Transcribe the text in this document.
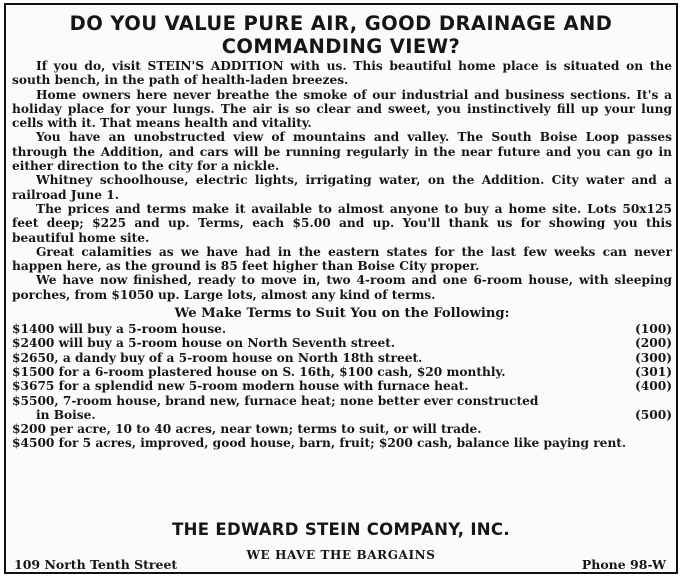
DO YOU VALUE PURE AIR, GOOD DRAINAGE AND
COMMANDING VIEW?

If you do, visit STEIN'S ADDITION with us. This beautiful home place is situated on the south bench, in the path of health-laden breezes.

Home owners here never breathe the smoke of our industrial and business sections. It's a holiday place for your lungs. The air is so clear and sweet, you instinctively fill up your lung cells with it. That means health and vitality.

You have an unobstructed view of mountains and valley. The South Boise Loop passes through the Addition, and cars will be running regularly in the near future and you can go in either direction to the city for a nickle.

Whitney schoolhouse, electric lights, irrigating water, on the Addition. City water and a railroad June 1.

The prices and terms make it available to almost anyone to buy a home site. Lots 50x125 feet deep; $225 and up. Terms, each $5.00 and up. You'll thank us for showing you this beautiful home site.

Great calamities as we have had in the eastern states for the last few weeks can never happen here, as the ground is 85 feet higher than Boise City proper.

We have now finished, ready to move in, two 4-room and one 6-room house, with sleeping porches, from $1050 up. Large lots, almost any kind of terms.

We Make Terms to Suit You on the Following:

$1400 will buy a 5-room house.	(100)

$2400 will buy a 5-room house on North Seventh street.	(200)

$2650, a dandy buy of a 5-room house on North 18th street.	(300)

$1500 for a 6-room plastered house on S. 16th, $100 cash, $20 monthly.	(301)

$3675 for a splendid new 5-room modern house with furnace heat.	(400)

$5500, 7-room house, brand new, furnace heat; none better ever constructed
in Boise.	(500)

$200 per acre, 10 to 40 acres, near town; terms to suit, or will trade.

$4500 for 5 acres, improved, good house, barn, fruit; $200 cash, balance like paying rent.

THE EDWARD STEIN COMPANY, INC.
WE HAVE THE BARGAINS
109 North Tenth Street	Phone 98-W
